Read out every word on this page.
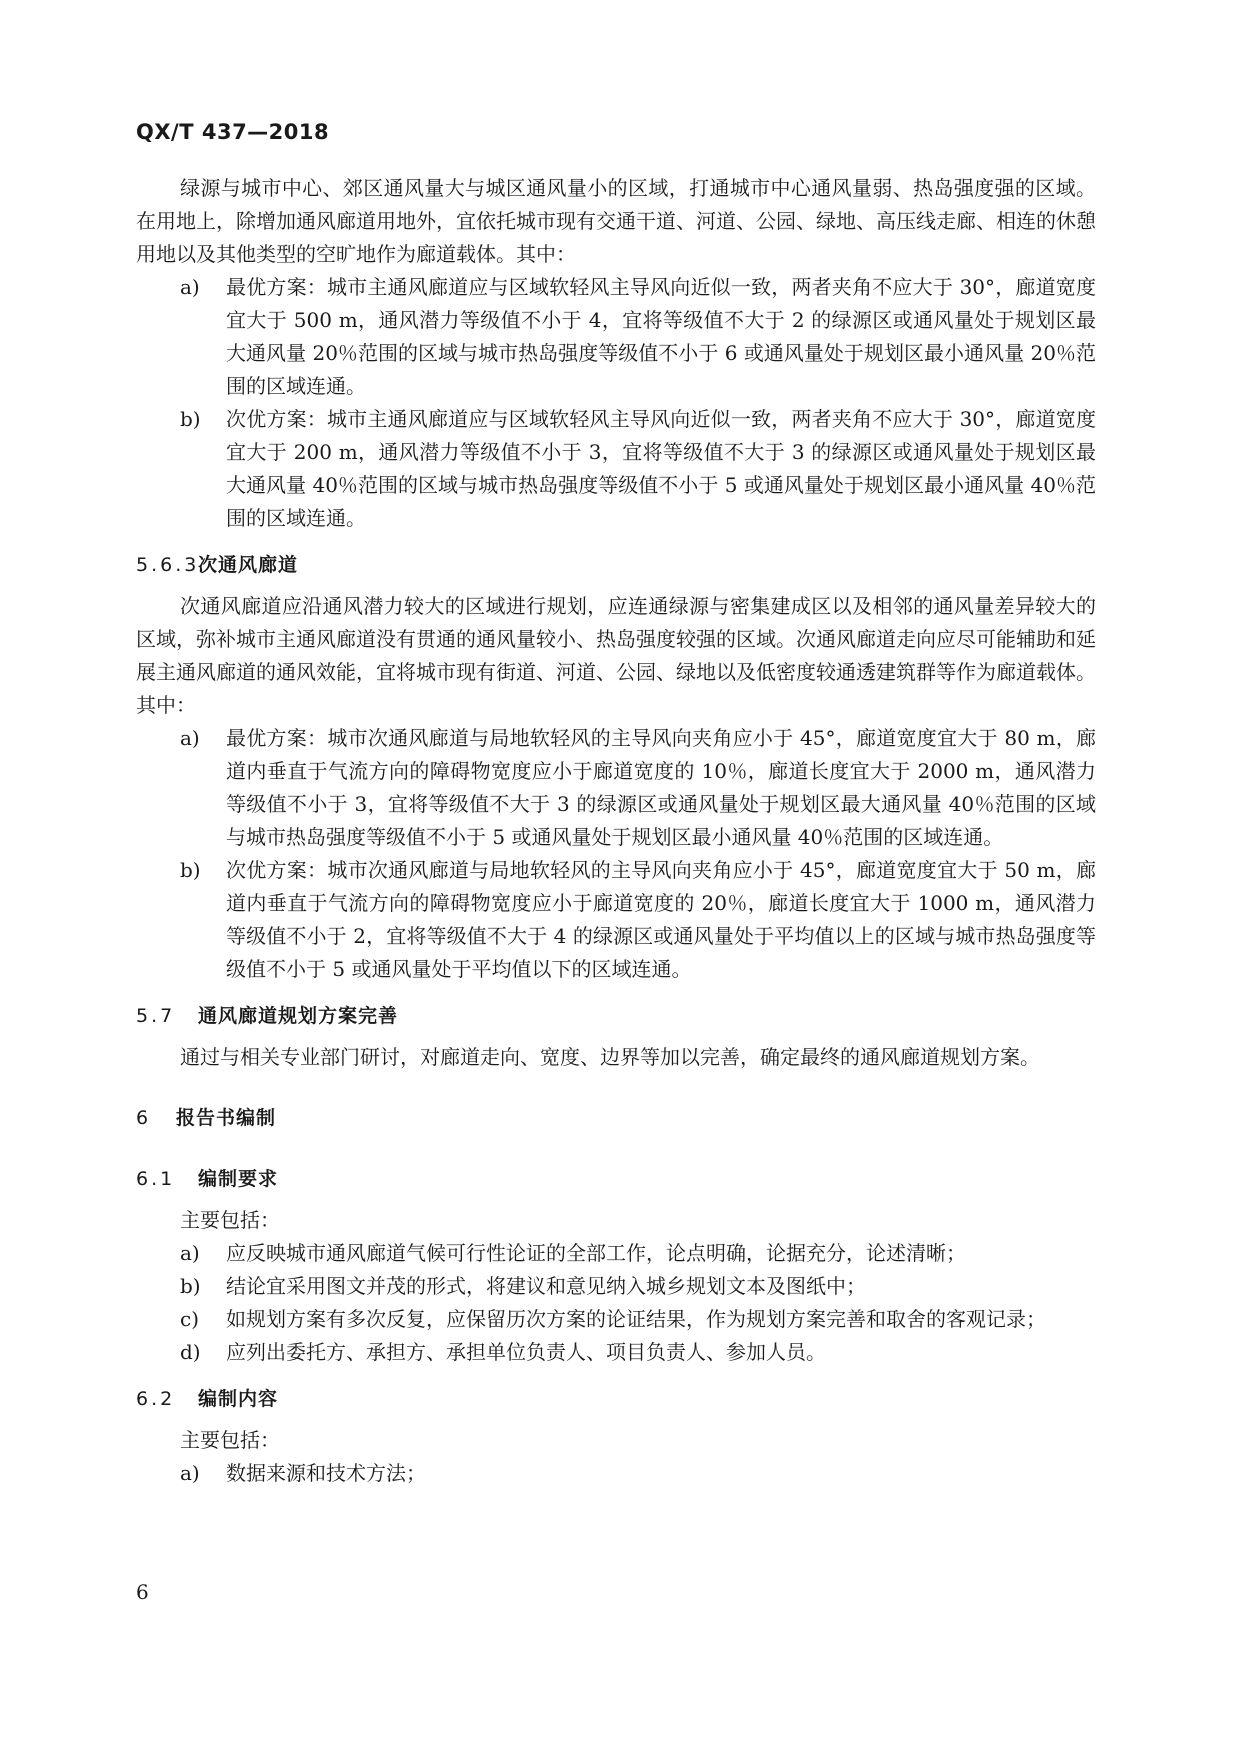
QX/T 437—2018

绿源与城市中心、郊区通风量大与城区通风量小的区域，打通城市中心通风量弱、热岛强度强的区域。在用地上，除增加通风廊道用地外，宜依托城市现有交通干道、河道、公园、绿地、高压线走廊、相连的休憩用地以及其他类型的空旷地作为廊道载体。其中：

a) 最优方案：城市主通风廊道应与区域软轻风主导风向近似一致，两者夹角不应大于 30°，廊道宽度宜大于 500 m，通风潜力等级值不小于 4，宜将等级值不大于 2 的绿源区或通风量处于规划区最大通风量 20％范围的区域与城市热岛强度等级值不小于 6 或通风量处于规划区最小通风量 20％范围的区域连通。
b) 次优方案：城市主通风廊道应与区域软轻风主导风向近似一致，两者夹角不应大于 30°，廊道宽度宜大于 200 m，通风潜力等级值不小于 3，宜将等级值不大于 3 的绿源区或通风量处于规划区最大通风量 40％范围的区域与城市热岛强度等级值不小于 5 或通风量处于规划区最小通风量 40％范围的区域连通。

5.6.3次通风廊道

次通风廊道应沿通风潜力较大的区域进行规划，应连通绿源与密集建成区以及相邻的通风量差异较大的区域，弥补城市主通风廊道没有贯通的通风量较小、热岛强度较强的区域。次通风廊道走向应尽可能辅助和延展主通风廊道的通风效能，宜将城市现有街道、河道、公园、绿地以及低密度较通透建筑群等作为廊道载体。其中：

a) 最优方案：城市次通风廊道与局地软轻风的主导风向夹角应小于 45°，廊道宽度宜大于 80 m，廊道内垂直于气流方向的障碍物宽度应小于廊道宽度的 10％，廊道长度宜大于 2000 m，通风潜力等级值不小于 3，宜将等级值不大于 3 的绿源区或通风量处于规划区最大通风量 40％范围的区域与城市热岛强度等级值不小于 5 或通风量处于规划区最小通风量 40％范围的区域连通。
b) 次优方案：城市次通风廊道与局地软轻风的主导风向夹角应小于 45°，廊道宽度宜大于 50 m，廊道内垂直于气流方向的障碍物宽度应小于廊道宽度的 20％，廊道长度宜大于 1000 m，通风潜力等级值不小于 2，宜将等级值不大于 4 的绿源区或通风量处于平均值以上的区域与城市热岛强度等级值不小于 5 或通风量处于平均值以下的区域连通。

5.7 通风廊道规划方案完善

通过与相关专业部门研讨，对廊道走向、宽度、边界等加以完善，确定最终的通风廊道规划方案。

6 报告书编制

6.1 编制要求

主要包括：

a) 应反映城市通风廊道气候可行性论证的全部工作，论点明确，论据充分，论述清晰；
b) 结论宜采用图文并茂的形式，将建议和意见纳入城乡规划文本及图纸中；
c) 如规划方案有多次反复，应保留历次方案的论证结果，作为规划方案完善和取舍的客观记录；
d) 应列出委托方、承担方、承担单位负责人、项目负责人、参加人员。

6.2 编制内容

主要包括：

a) 数据来源和技术方法；
6
